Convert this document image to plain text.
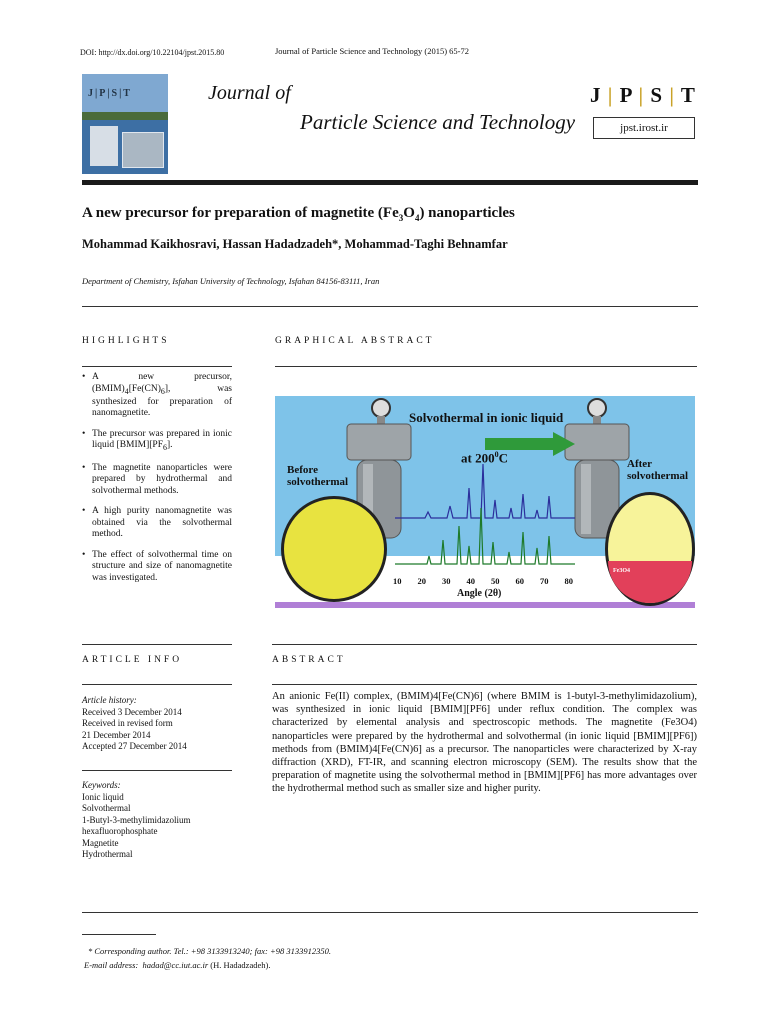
DOI: http://dx.doi.org/10.22104/jpst.2015.80	Journal of Particle Science and Technology (2015) 65-72
J|P|S|T	Journal of
Particle Science and Technology
J | P | S | T
jpst.irost.ir
A new precursor for preparation of magnetite $(Fe_3O_4)$ nanoparticles
Mohammad Kaikhosravi, Hassan Hadadzadeh*, Mohammad-Taghi Behnamfar
Department of Chemistry, Isfahan University of Technology, Isfahan 84156-83111, Iran
HIGHLIGHTS
• A new precursor, $(BMIM)_4[Fe(CN)_6]$, was synthesized for preparation of nanomagnetite.
• The precursor was prepared in ionic liquid $[BMIM][PF_6]$.
• The magnetite nanoparticles were prepared by hydrothermal and solvothermal methods.
• A high purity nanomagnetite was obtained via the solvothermal method.
• The effect of solvothermal time on structure and size of nanomagnetite was investigated.
GRAPHICAL ABSTRACT
Solvothermal in ionic liquid
at $200^0C$
Before
solvothermal
After
solvothermal
Fe3O4
10 20 30 40 50 60 70 80
Angle (2θ)
ARTICLE INFO
Article history:
Received 3 December 2014
Received in revised form
21 December 2014
Accepted 27 December 2014
Keywords:
Ionic liquid
Solvothermal
1-Butyl-3-methylimidazolium
hexafluorophosphate
Magnetite
Hydrothermal
ABSTRACT
An anionic Fe(II) complex, (BMIM)4[Fe(CN)6] (where BMIM is 1-butyl-3-methylimidazolium), was synthesized in ionic liquid [BMIM][PF6] under reflux condition. The complex was characterized by elemental analysis and spectroscopic methods. The magnetite (Fe3O4) nanoparticles were prepared by the hydrothermal and solvothermal (in ionic liquid [BMIM][PF6]) methods from (BMIM)4[Fe(CN)6] as a precursor. The nanoparticles were characterized by X-ray diffraction (XRD), FT-IR, and scanning electron microscopy (SEM). The results show that the preparation of magnetite using the solvothermal method in [BMIM][PF6] has more advantages over the hydrothermal method such as smaller size and higher purity.
* Corresponding author. Tel.: +98 3133913240; fax: +98 3133912350.
E-mail address: hadad@cc.iut.ac.ir (H. Hadadzadeh).
